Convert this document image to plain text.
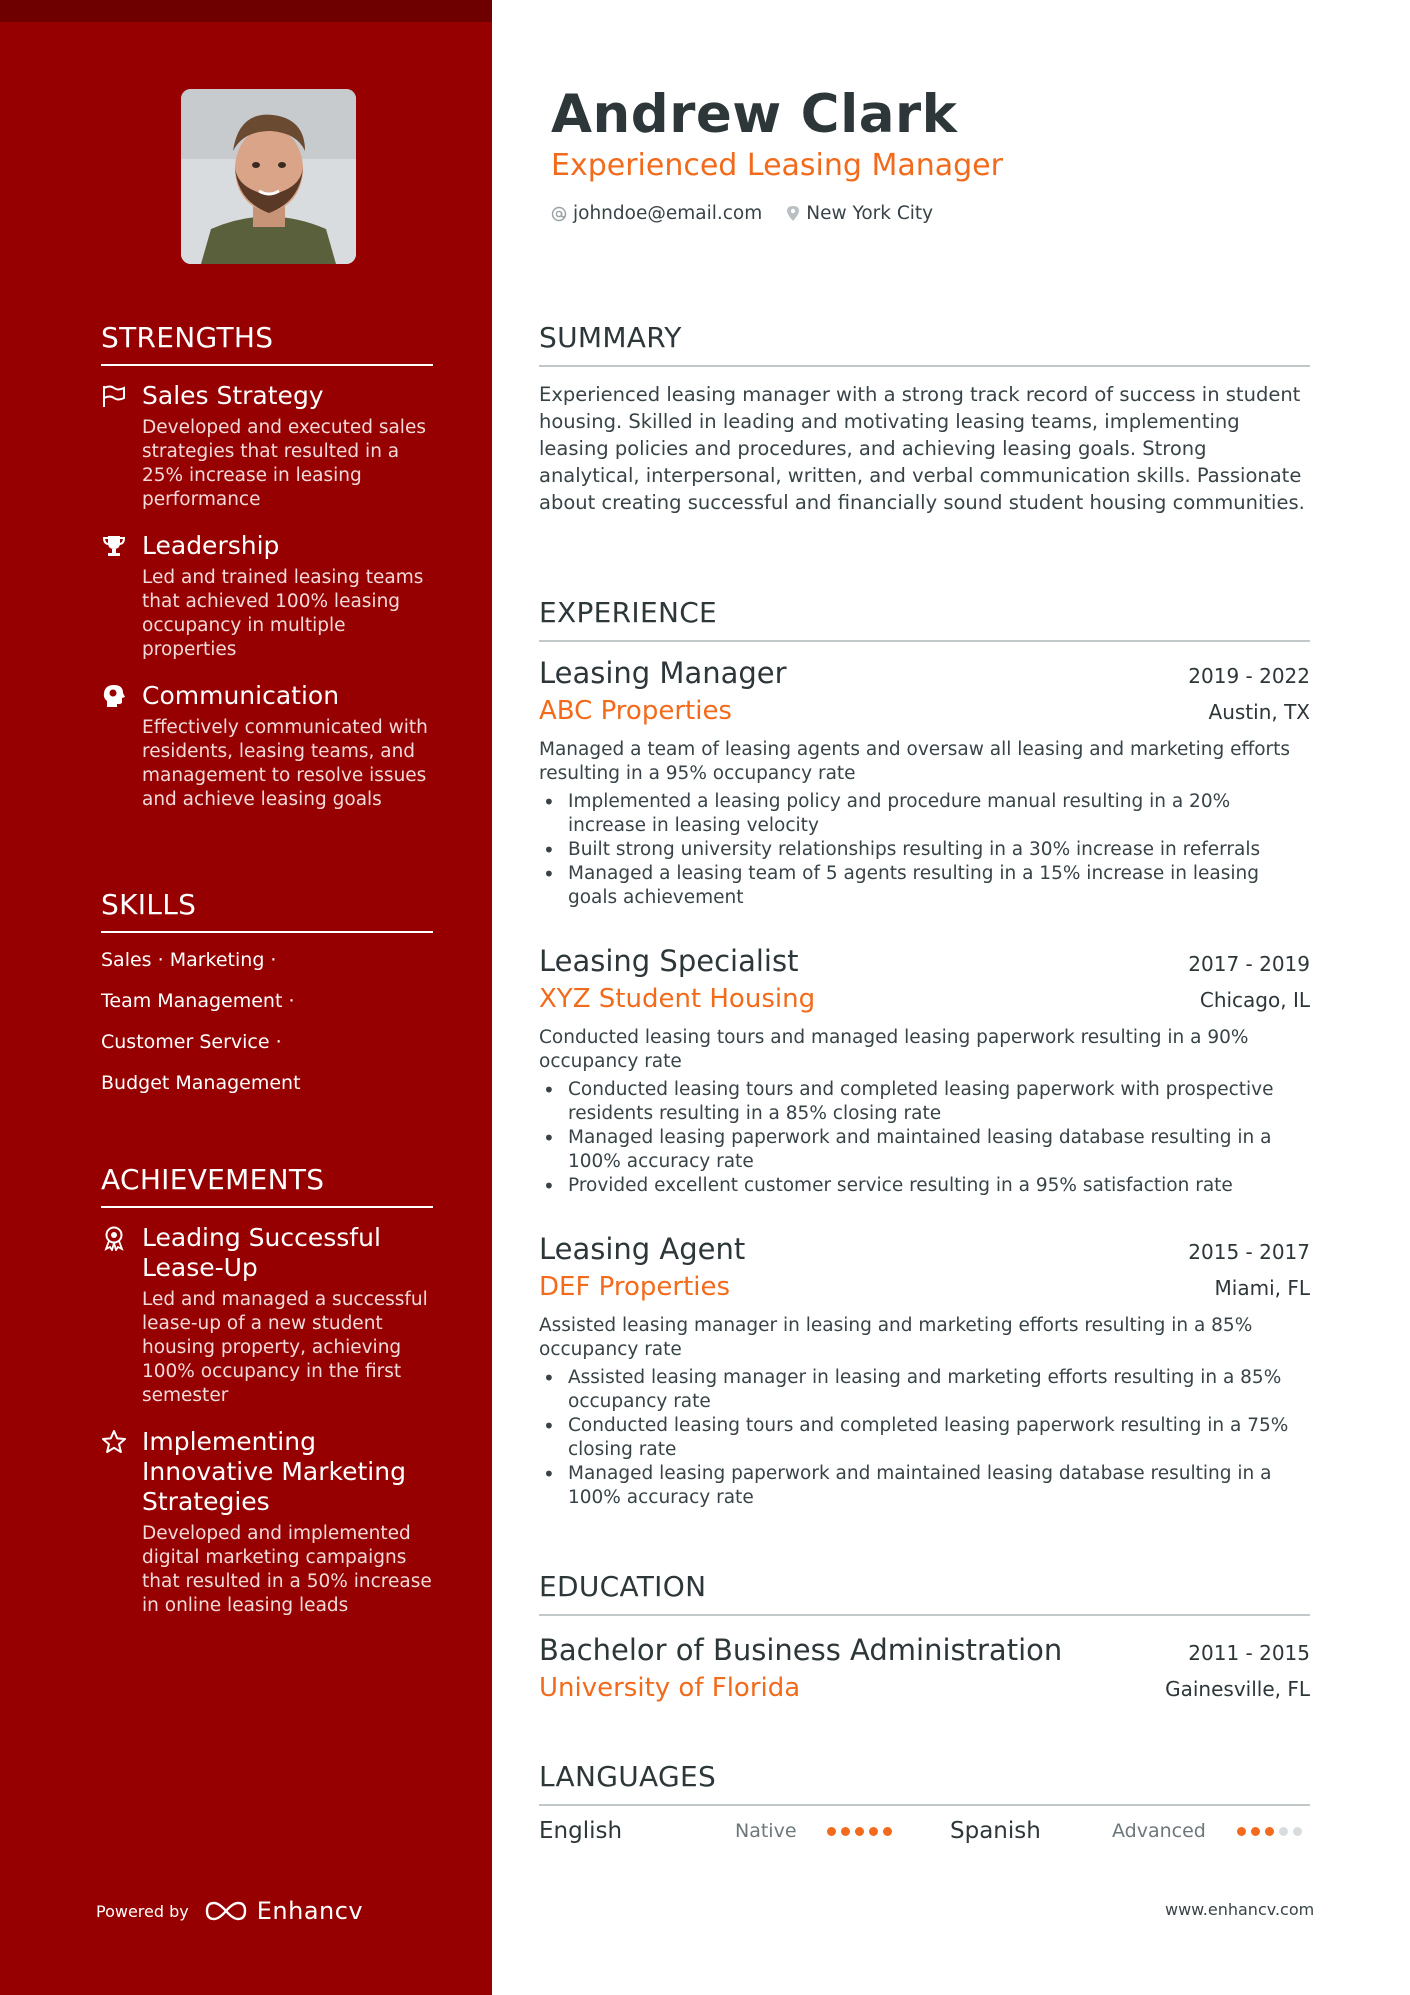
STRENGTHS
Sales Strategy
Developed and executed sales strategies that resulted in a 25% increase in leasing performance
Leadership
Led and trained leasing teams that achieved 100% leasing occupancy in multiple properties
Communication
Effectively communicated with residents, leasing teams, and management to resolve issues and achieve leasing goals
SKILLS
Sales · Marketing ·
Team Management ·
Customer Service ·
Budget Management
ACHIEVEMENTS
Leading Successful Lease-Up
Led and managed a successful lease-up of a new student housing property, achieving 100% occupancy in the first semester
Implementing Innovative Marketing Strategies
Developed and implemented digital marketing campaigns that resulted in a 50% increase in online leasing leads
Powered by	Enhancv
Andrew Clark
Experienced Leasing Manager
johndoe@email.com New York City
SUMMARY
Experienced leasing manager with a strong track record of success in student housing. Skilled in leading and motivating leasing teams, implementing leasing policies and procedures, and achieving leasing goals. Strong analytical, interpersonal, written, and verbal communication skills. Passionate about creating successful and financially sound student housing communities.
EXPERIENCE
Leasing Manager	2019 - 2022
ABC Properties	Austin, TX
Managed a team of leasing agents and oversaw all leasing and marketing efforts resulting in a 95% occupancy rate
• Implemented a leasing policy and procedure manual resulting in a 20% increase in leasing velocity
• Built strong university relationships resulting in a 30% increase in referrals
• Managed a leasing team of 5 agents resulting in a 15% increase in leasing goals achievement
Leasing Specialist	2017 - 2019
XYZ Student Housing	Chicago, IL
Conducted leasing tours and managed leasing paperwork resulting in a 90% occupancy rate
• Conducted leasing tours and completed leasing paperwork with prospective residents resulting in a 85% closing rate
• Managed leasing paperwork and maintained leasing database resulting in a 100% accuracy rate
• Provided excellent customer service resulting in a 95% satisfaction rate
Leasing Agent	2015 - 2017
DEF Properties	Miami, FL
Assisted leasing manager in leasing and marketing efforts resulting in a 85% occupancy rate
• Assisted leasing manager in leasing and marketing efforts resulting in a 85% occupancy rate
• Conducted leasing tours and completed leasing paperwork resulting in a 75% closing rate
• Managed leasing paperwork and maintained leasing database resulting in a 100% accuracy rate
EDUCATION
Bachelor of Business Administration	2011 - 2015
University of Florida	Gainesville, FL
LANGUAGES
English	Native	Spanish	Advanced
www.enhancv.com
